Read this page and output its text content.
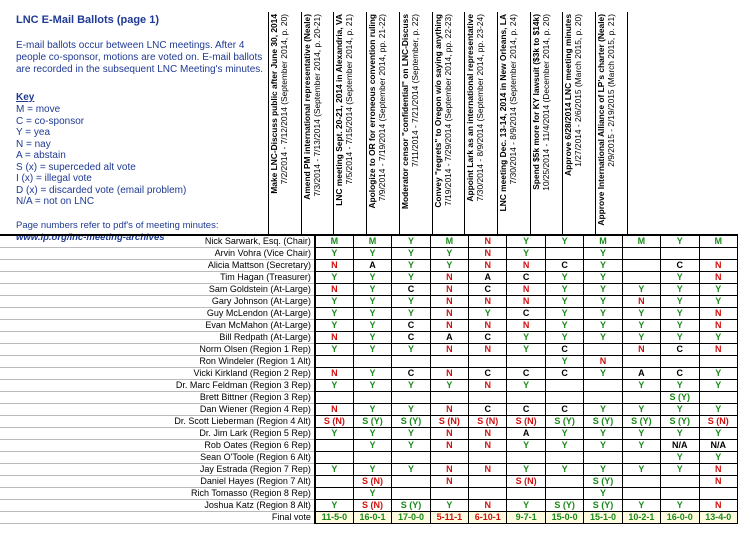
LNC E-Mail Ballots (page 1)
E-mail ballots occur between LNC meetings. After 4 people co-sponsor, motions are voted on. E-mail ballots are recorded in the subsequent LNC Meeting's minutes.
Key
M = move
C = co-sponsor
Y = yea
N = nay
A = abstain
S (x) = superceded alt vote
I (x) = illegal vote
D (x) = discarded vote (email problem)
N/A = not on LNC
Page numbers refer to pdf's of meeting minutes:
www.lp.org/lnc-meeting-archives
Make LNC-Discuss public after June 30, 2014 7/2/2014 - 7/12/2014 (September 2014, p. 20)	Amend PM international representative (Neale) 7/3/2014 - 7/13/2014 (September 2014, p. 20-21)	LNC meeting Sept. 20-21, 2014 in Alexandria, VA 7/5/2014 - 7/15/2014 (September 2014, p. 21)	Apologize to OR for erroneous convention ruling 7/9/2014 - 7/19/2014 (September 2014, pp. 21-22)	Moderator censor "confidential" on LNC-Discuss 7/11/2014 - 7/21/2014 (September, p. 22)	Convey "regrets" to Oregon w/o saying anything 7/19/2014 - 7/29/2014 (September 2014, pp. 22-23)	Appoint Lark as an international representative 7/30/2014 - 8/9/2014 (September 2014, pp. 23-24)	LNC meeting Dec. 13-14, 2014 in New Orleans, LA 7/30/2014 - 8/9/2014 (September 2014, p. 24)	Spend $5k more for KY lawsuit ($3k to $14k) 10/25/2014 - 11/4/2014 (December 2014, p. 20)	Approve 6/28/2014 LNC meeting minutes 1/27/2014 - 2/6/2015 (March 2015, p. 20)	Approve International Alliance of LP's charter (Neale) 2/9/2015 - 2/19/2015 (March 2015, p. 21)
Nick Sarwark, Esq. (Chair)	M	M	Y	M	N	Y	Y	M	M	Y	M
Arvin Vohra (Vice Chair)	Y	Y	Y	Y	N	Y		Y			
Alicia Mattson (Secretary)	N	A	Y	Y	N	N	C	Y		C	N
Tim Hagan (Treasurer)	Y	Y	Y	N	A	C	Y	Y		Y	N
Sam Goldstein (At-Large)	N	Y	C	N	C	N	Y	Y	Y	Y	Y
Gary Johnson (At-Large)	Y	Y	Y	N	N	N	Y	Y	N	Y	Y
Guy McLendon (At-Large)	Y	Y	Y	N	Y	C	Y	Y	Y	Y	N
Evan McMahon (At-Large)	Y	Y	C	N	N	N	Y	Y	Y	Y	N
Bill Redpath (At-Large)	N	Y	C	A	C	Y	Y	Y	Y	Y	Y
Norm Olsen (Region 1 Rep)	Y	Y	Y	N	N	Y	C		N	C	N
Ron Windeler (Region 1 Alt)							Y	N			
Vicki Kirkland (Region 2 Rep)	N	Y	C	N	C	C	C	Y	A	C	Y
Dr. Marc Feldman (Region 3 Rep)	Y	Y	Y	Y	N	Y			Y	Y	Y
Brett Bittner (Region 3 Rep)										S (Y)	
Dan Wiener (Region 4 Rep)	N	Y	Y	N	C	C	C	Y	Y	Y	Y
Dr. Scott Lieberman (Region 4 Alt)	S (N)	S (Y)	S (Y)	S (N)	S (N)	S (N)	S (Y)	S (Y)	S (Y)	S (Y)	S (N)
Dr. Jim Lark (Region 5 Rep)	Y	Y	Y	N	N	A	Y	Y	Y	Y	Y
Rob Oates (Region 6 Rep)		Y	Y	N	N	Y	Y	Y	Y	N/A	N/A
Sean O'Toole (Region 6 Alt)										Y	Y
Jay Estrada (Region 7 Rep)	Y	Y	Y	N	N	Y	Y	Y	Y	Y	N
Daniel Hayes (Region 7 Alt)		S (N)		N		S (N)		S (Y)			N
Rich Tomasso (Region 8 Rep)		Y						Y			
Joshua Katz (Region 8 Alt)	Y	S (N)	S (Y)	Y	N	Y	S (Y)	S (Y)	Y	Y	N
Final vote	11-5-0	16-0-1	17-0-0	5-11-1	6-10-1	9-7-1	15-0-0	15-1-0	10-2-1	16-0-0	13-4-0
